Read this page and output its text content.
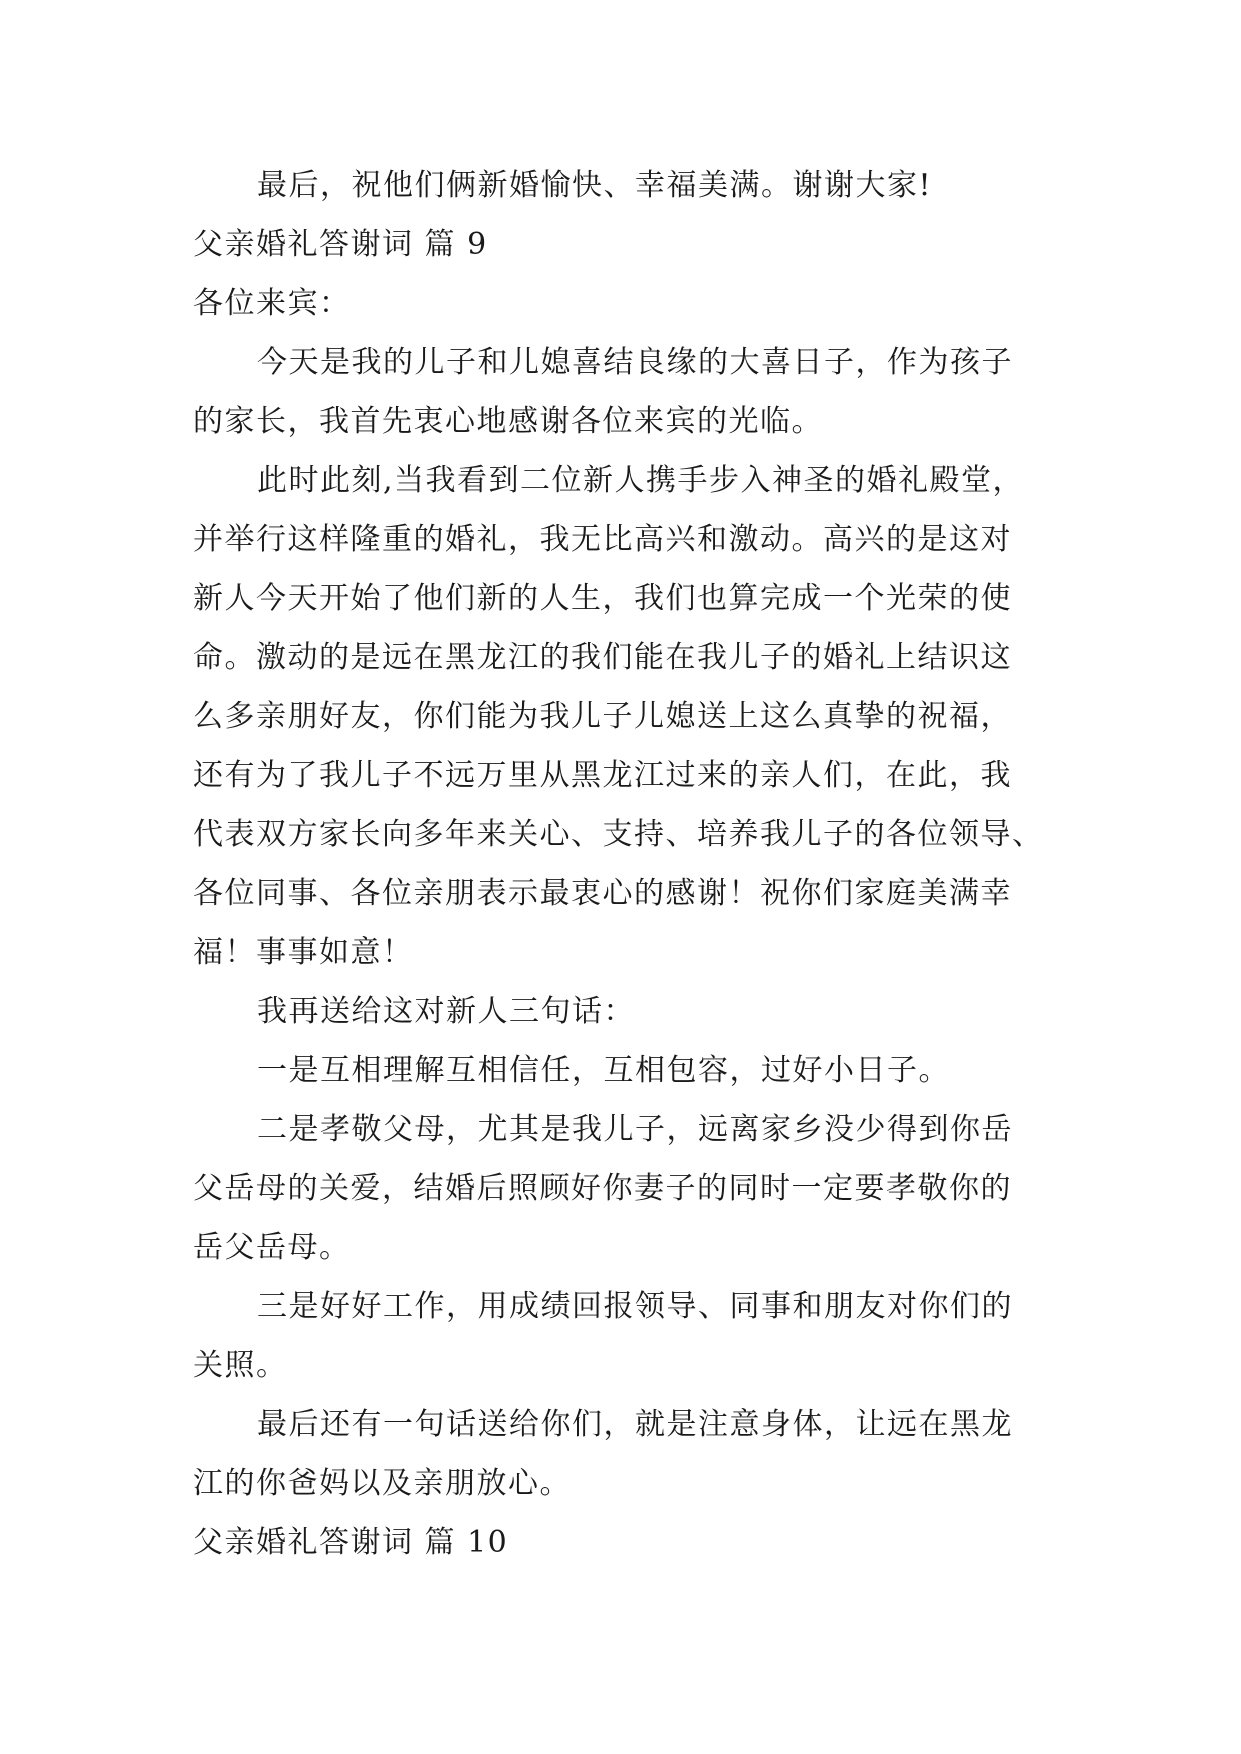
最后，祝他们俩新婚愉快、幸福美满。谢谢大家!
父亲婚礼答谢词 篇 9
各位来宾：
今天是我的儿子和儿媳喜结良缘的大喜日子，作为孩子
的家长，我首先衷心地感谢各位来宾的光临。
此时此刻,当我看到二位新人携手步入神圣的婚礼殿堂，
并举行这样隆重的婚礼，我无比高兴和激动。高兴的是这对
新人今天开始了他们新的人生，我们也算完成一个光荣的使
命。激动的是远在黑龙江的我们能在我儿子的婚礼上结识这
么多亲朋好友，你们能为我儿子儿媳送上这么真挚的祝福，
还有为了我儿子不远万里从黑龙江过来的亲人们，在此，我
代表双方家长向多年来关心、支持、培养我儿子的各位领导、
各位同事、各位亲朋表示最衷心的感谢！祝你们家庭美满幸
福！事事如意！
我再送给这对新人三句话：
一是互相理解互相信任，互相包容，过好小日子。
二是孝敬父母，尤其是我儿子，远离家乡没少得到你岳
父岳母的关爱，结婚后照顾好你妻子的同时一定要孝敬你的
岳父岳母。
三是好好工作，用成绩回报领导、同事和朋友对你们的
关照。
最后还有一句话送给你们，就是注意身体，让远在黑龙
江的你爸妈以及亲朋放心。
父亲婚礼答谢词 篇 10
